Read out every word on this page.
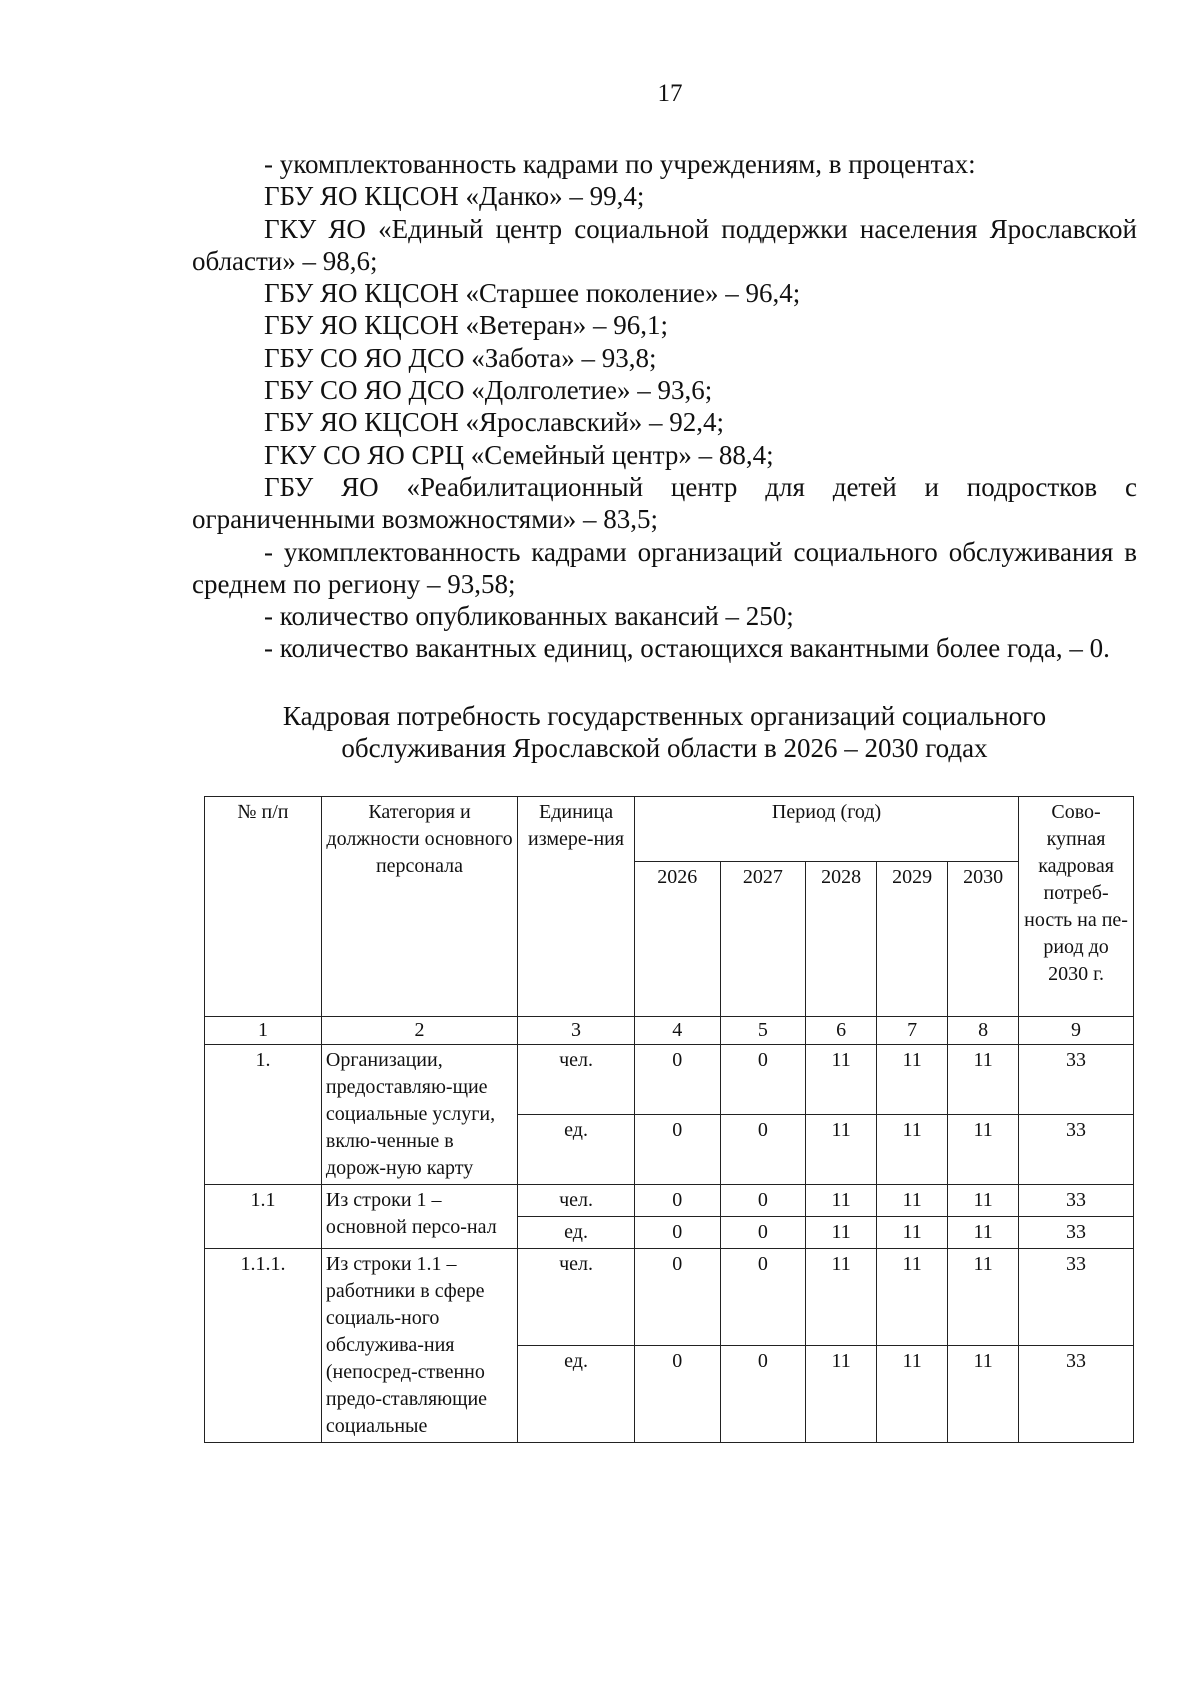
17

- укомплектованность кадрами по учреждениям, в процентах:

ГБУ ЯО КЦСОН «Данко» – 99,4;

ГКУ ЯО «Единый центр социальной поддержки населения Ярославской области» – 98,6;

ГБУ ЯО КЦСОН «Старшее поколение» – 96,4;

ГБУ ЯО КЦСОН «Ветеран» – 96,1;

ГБУ СО ЯО ДСО «Забота» – 93,8;

ГБУ СО ЯО ДСО «Долголетие» – 93,6;

ГБУ ЯО КЦСОН «Ярославский» – 92,4;

ГКУ СО ЯО СРЦ «Семейный центр» – 88,4;

ГБУ ЯО «Реабилитационный центр для детей и подростков с ограниченными возможностями» – 83,5;

- укомплектованность кадрами организаций социального обслуживания в среднем по региону – 93,58;

- количество опубликованных вакансий – 250;

- количество вакантных единиц, остающихся вакантными более года, – 0.

Кадровая потребность государственных организаций социального
обслуживания Ярославской области в 2026 – 2030 годах
№ п/п	Категория и должности основного персонала	Единица измере-ния	Период (год)					Сово-купная кадровая потреб-ность на пе-риод до 2030 г.
			2026	2027	2028	2029	2030	
1	2	3	4	5	6	7	8	9
1.	Организации, предоставляю-щие социальные услуги, вклю-ченные в дорож-ную карту	чел.	0	0	11	11	11	33
		ед.	0	0	11	11	11	33
1.1	Из строки 1 – основной персо-нал	чел.	0	0	11	11	11	33
		ед.	0	0	11	11	11	33
1.1.1.	Из строки 1.1 – работники в сфере социаль-ного обслужива-ния (непосред-ственно предо-ставляющие социальные	чел.	0	0	11	11	11	33
		ед.	0	0	11	11	11	33
